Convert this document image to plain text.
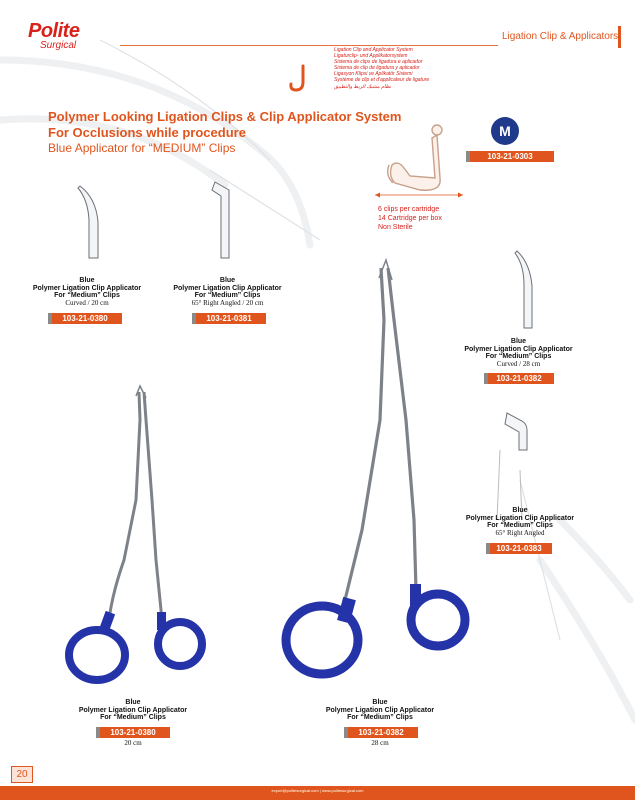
Polite
Surgical
Ligation Clip & Applicators
Ligation Clip and Applicator System
Ligaturclip- und Applikatorsystem
Sistema de clips de ligadura e aplicador
Sistema de clip de ligadura y aplicador
Ligasyon Klipsi ve Aplikatör Sistemi
Système de clip et d'applicateur de ligature
نظام مشبك الربط والتطبيق
Polymer Looking Ligation Clips & Clip Applicator System
For Occlusions while procedure
Blue Applicator for “MEDIUM” Clips
M
103-21-0303
6 clips per cartridge
14 Cartridge per box
Non Sterile
Blue
Polymer Ligation Clip Applicator
For “Medium” Clips
Curved / 20 cm
103-21-0380
Blue
Polymer Ligation Clip Applicator
For “Medium” Clips
65° Right Angled / 20 cm
103-21-0381
Blue
Polymer Ligation Clip Applicator
For “Medium” Clips
Curved / 28 cm
103-21-0382
Blue
Polymer Ligation Clip Applicator
For “Medium” Clips
65° Right Angled
103-21-0383
Blue
Polymer Ligation Clip Applicator
For “Medium” Clips
103-21-0380
20 cm
Blue
Polymer Ligation Clip Applicator
For “Medium” Clips
103-21-0382
28 cm
20
export@politesurgical.com | www.politesurgical.com
